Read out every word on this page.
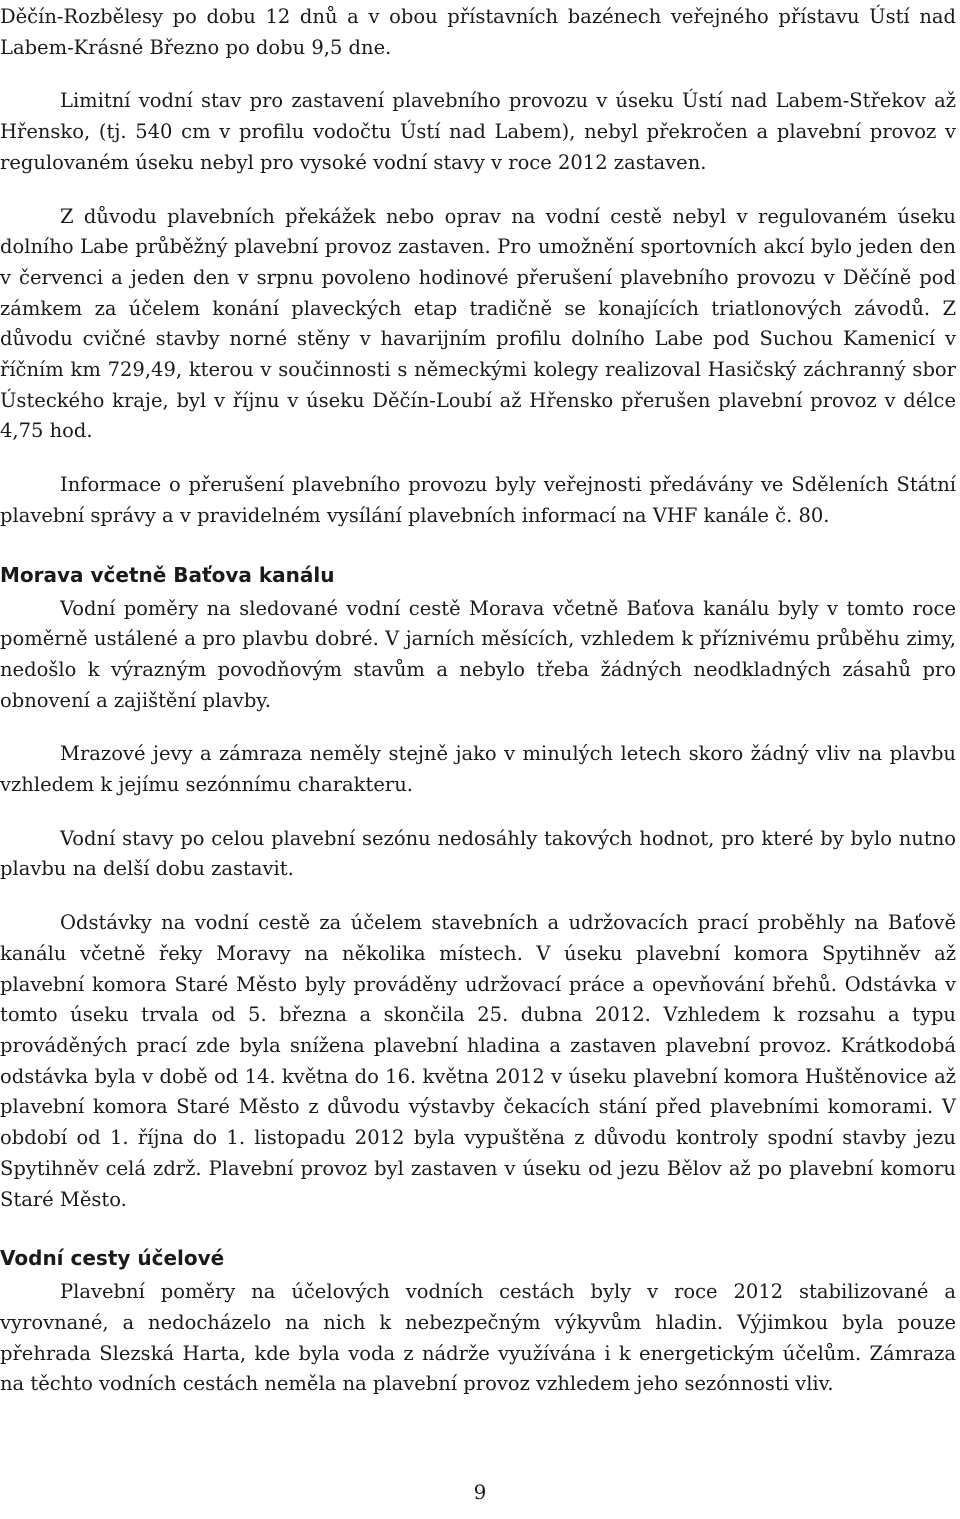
Děčín-Rozbělesy po dobu 12 dnů a v obou přístavních bazénech veřejného přístavu Ústí nad Labem-Krásné Březno po dobu 9,5 dne.

Limitní vodní stav pro zastavení plavebního provozu v úseku Ústí nad Labem-Střekov až Hřensko, (tj. 540 cm v profilu vodočtu Ústí nad Labem), nebyl překročen a plavební provoz v regulovaném úseku nebyl pro vysoké vodní stavy v roce 2012 zastaven.

Z důvodu plavebních překážek nebo oprav na vodní cestě nebyl v regulovaném úseku dolního Labe průběžný plavební provoz zastaven. Pro umožnění sportovních akcí bylo jeden den v červenci a jeden den v srpnu povoleno hodinové přerušení plavebního provozu v Děčíně pod zámkem za účelem konání plaveckých etap tradičně se konajících triatlonových závodů. Z důvodu cvičné stavby norné stěny v havarijním profilu dolního Labe pod Suchou Kamenicí v říčním km 729,49, kterou v součinnosti s německými kolegy realizoval Hasičský záchranný sbor Ústeckého kraje, byl v říjnu v úseku Děčín-Loubí až Hřensko přerušen plavební provoz v délce 4,75 hod.

Informace o přerušení plavebního provozu byly veřejnosti předávány ve Sděleních Státní plavební správy a v pravidelném vysílání plavebních informací na VHF kanále č. 80.

Morava včetně Baťova kanálu

Vodní poměry na sledované vodní cestě Morava včetně Baťova kanálu byly v tomto roce poměrně ustálené a pro plavbu dobré. V jarních měsících, vzhledem k příznivému průběhu zimy, nedošlo k výrazným povodňovým stavům a nebylo třeba žádných neodkladných zásahů pro obnovení a zajištění plavby.

Mrazové jevy a zámraza neměly stejně jako v minulých letech skoro žádný vliv na plavbu vzhledem k jejímu sezónnímu charakteru.

Vodní stavy po celou plavební sezónu nedosáhly takových hodnot, pro které by bylo nutno plavbu na delší dobu zastavit.

Odstávky na vodní cestě za účelem stavebních a udržovacích prací proběhly na Baťově kanálu včetně řeky Moravy na několika místech. V úseku plavební komora Spytihněv až plavební komora Staré Město byly prováděny udržovací práce a opevňování břehů. Odstávka v tomto úseku trvala od 5. března a skončila 25. dubna 2012. Vzhledem k rozsahu a typu prováděných prací zde byla snížena plavební hladina a zastaven plavební provoz. Krátkodobá odstávka byla v době od 14. května do 16. května 2012 v úseku plavební komora Huštěnovice až plavební komora Staré Město z důvodu výstavby čekacích stání před plavebními komorami. V období od 1. října do 1. listopadu 2012 byla vypuštěna z důvodu kontroly spodní stavby jezu Spytihněv celá zdrž. Plavební provoz byl zastaven v úseku od jezu Bělov až po plavební komoru Staré Město.

Vodní cesty účelové

Plavební poměry na účelových vodních cestách byly v roce 2012 stabilizované a vyrovnané, a nedocházelo na nich k nebezpečným výkyvům hladin. Výjimkou byla pouze přehrada Slezská Harta, kde byla voda z nádrže využívána i k energetickým účelům. Zámraza na těchto vodních cestách neměla na plavební provoz vzhledem jeho sezónnosti vliv.

9
